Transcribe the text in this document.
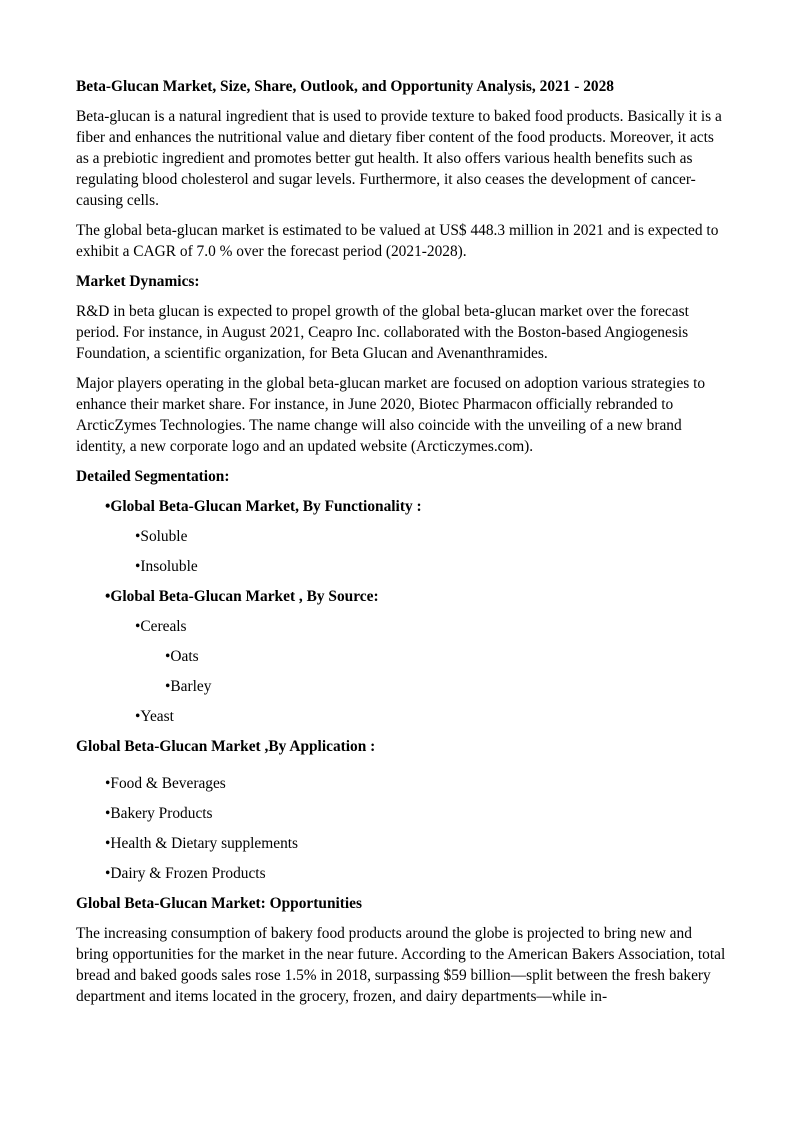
Beta-Glucan Market, Size, Share, Outlook, and Opportunity Analysis, 2021 - 2028

Beta-glucan is a natural ingredient that is used to provide texture to baked food products. Basically it is a fiber and enhances the nutritional value and dietary fiber content of the food products. Moreover, it acts as a prebiotic ingredient and promotes better gut health. It also offers various health benefits such as regulating blood cholesterol and sugar levels. Furthermore, it also ceases the development of cancer-causing cells.

The global beta-glucan market is estimated to be valued at US$ 448.3 million in 2021 and is expected to exhibit a CAGR of 7.0 % over the forecast period (2021-2028).

Market Dynamics:

R&D in beta glucan is expected to propel growth of the global beta-glucan market over the forecast period. For instance, in August 2021, Ceapro Inc. collaborated with the Boston-based Angiogenesis Foundation, a scientific organization, for Beta Glucan and Avenanthramides.

Major players operating in the global beta-glucan market are focused on adoption various strategies to enhance their market share. For instance, in June 2020, Biotec Pharmacon officially rebranded to ArcticZymes Technologies. The name change will also coincide with the unveiling of a new brand identity, a new corporate logo and an updated website (Arcticzymes.com).

Detailed Segmentation:
•Global Beta-Glucan Market, By Functionality :
•Soluble
•Insoluble
•Global Beta-Glucan Market , By Source:
•Cereals
•Oats
•Barley
•Yeast
Global Beta-Glucan Market ,By Application :
•Food & Beverages
•Bakery Products
•Health & Dietary supplements
•Dairy & Frozen Products
Global Beta-Glucan Market: Opportunities

The increasing consumption of bakery food products around the globe is projected to bring new and bring opportunities for the market in the near future. According to the American Bakers Association, total bread and baked goods sales rose 1.5% in 2018, surpassing $59 billion—split between the fresh bakery department and items located in the grocery, frozen, and dairy departments—while in-
